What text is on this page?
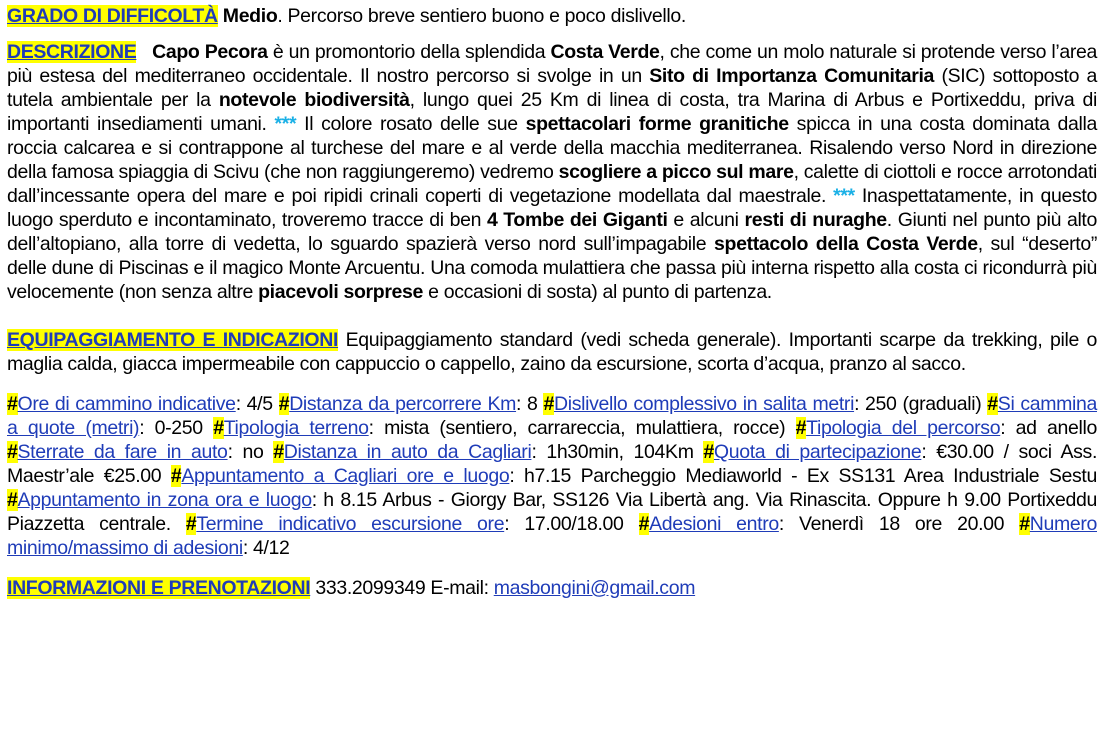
GRADO DI DIFFICOLTÀ Medio. Percorso breve sentiero buono e poco dislivello.

DESCRIZIONE Capo Pecora è un promontorio della splendida Costa Verde, che come un molo naturale si protende verso l’area più estesa del mediterraneo occidentale. Il nostro percorso si svolge in un Sito di Importanza Comunitaria (SIC) sottoposto a tutela ambientale per la notevole biodiversità, lungo quei 25 Km di linea di costa, tra Marina di Arbus e Portixeddu, priva di importanti insediamenti umani. *** Il colore rosato delle sue spettacolari forme granitiche spicca in una costa dominata dalla roccia calcarea e si contrappone al turchese del mare e al verde della macchia mediterranea. Risalendo verso Nord in direzione della famosa spiaggia di Scivu (che non raggiungeremo) vedremo scogliere a picco sul mare, calette di ciottoli e rocce arrotondati dall’incessante opera del mare e poi ripidi crinali coperti di vegetazione modellata dal maestrale. *** Inaspettatamente, in questo luogo sperduto e incontaminato, troveremo tracce di ben 4 Tombe dei Giganti e alcuni resti di nuraghe. Giunti nel punto più alto dell’altopiano, alla torre di vedetta, lo sguardo spazierà verso nord sull’impagabile spettacolo della Costa Verde, sul “deserto” delle dune di Piscinas e il magico Monte Arcuentu. Una comoda mulattiera che passa più interna rispetto alla costa ci ricondurrà più velocemente (non senza altre piacevoli sorprese e occasioni di sosta) al punto di partenza.

EQUIPAGGIAMENTO E INDICAZIONI Equipaggiamento standard (vedi scheda generale). Importanti scarpe da trekking, pile o maglia calda, giacca impermeabile con cappuccio o cappello, zaino da escursione, scorta d’acqua, pranzo al sacco.

#Ore di cammino indicative: 4/5 #Distanza da percorrere Km: 8 #Dislivello complessivo in salita metri: 250 (graduali) #Si cammina a quote (metri): 0-250 #Tipologia terreno: mista (sentiero, carrareccia, mulattiera, rocce) #Tipologia del percorso: ad anello #Sterrate da fare in auto: no #Distanza in auto da Cagliari: 1h30min, 104Km #Quota di partecipazione: €30.00 / soci Ass. Maestr’ale €25.00 #Appuntamento a Cagliari ore e luogo: h7.15 Parcheggio Mediaworld - Ex SS131 Area Industriale Sestu #Appuntamento in zona ora e luogo: h 8.15 Arbus - Giorgy Bar, SS126 Via Libertà ang. Via Rinascita. Oppure h 9.00 Portixeddu Piazzetta centrale. #Termine indicativo escursione ore: 17.00/18.00 #Adesioni entro: Venerdì 18 ore 20.00 #Numero minimo/massimo di adesioni: 4/12

INFORMAZIONI E PRENOTAZIONI 333.2099349 E-mail: masbongini@gmail.com
